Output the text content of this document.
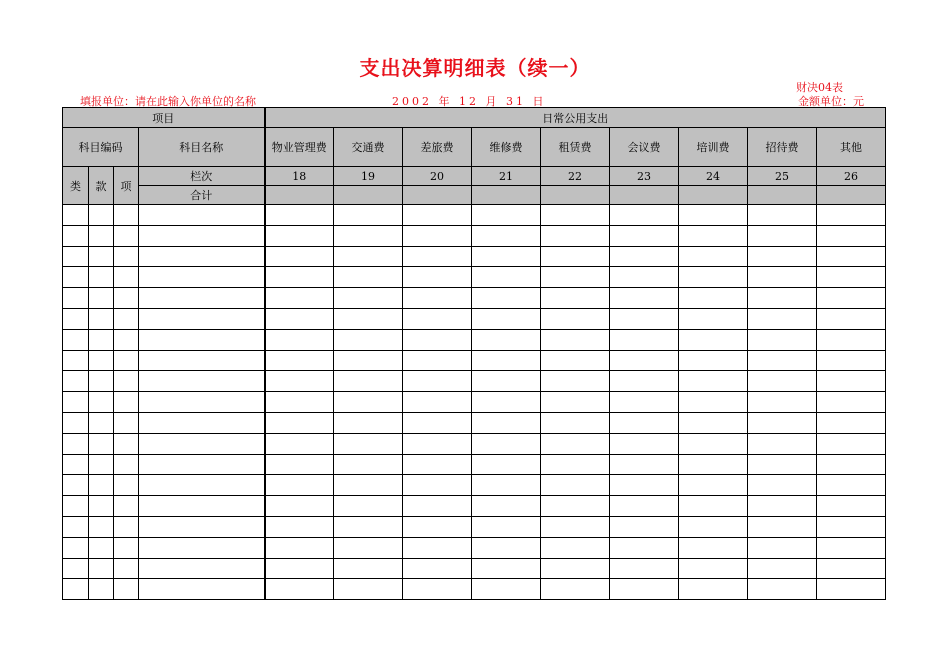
支出决算明细表（续一）
财决04表
填报单位：请在此输入你单位的名称	2002 年 12 月 31 日	金额单位：元
项目				日常公用支出								
科目编码			科目名称	物业管理费	交通费	差旅费	维修费	租赁费	会议费	培训费	招待费	其他
类	款	项	栏次	18	19	20	21	22	23	24	25	26
			合计									
